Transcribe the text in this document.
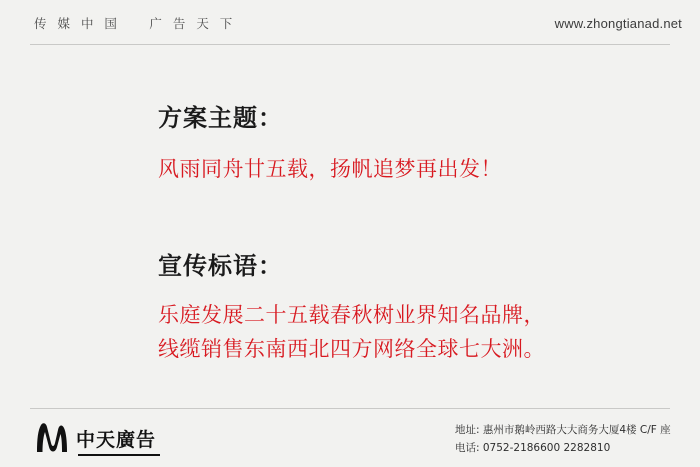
传 媒 中 国 广 告 天 下	www.zhongtianad.net
方案主题：
风雨同舟廿五载，扬帆追梦再出发！
宣传标语：
乐庭发展二十五载春秋树业界知名品牌，
线缆销售东南西北四方网络全球七大洲。
中天廣告	地址: 惠州市鹅岭西路大大商务大厦4楼 C/F 座
电话: 0752-2186600 2282810
